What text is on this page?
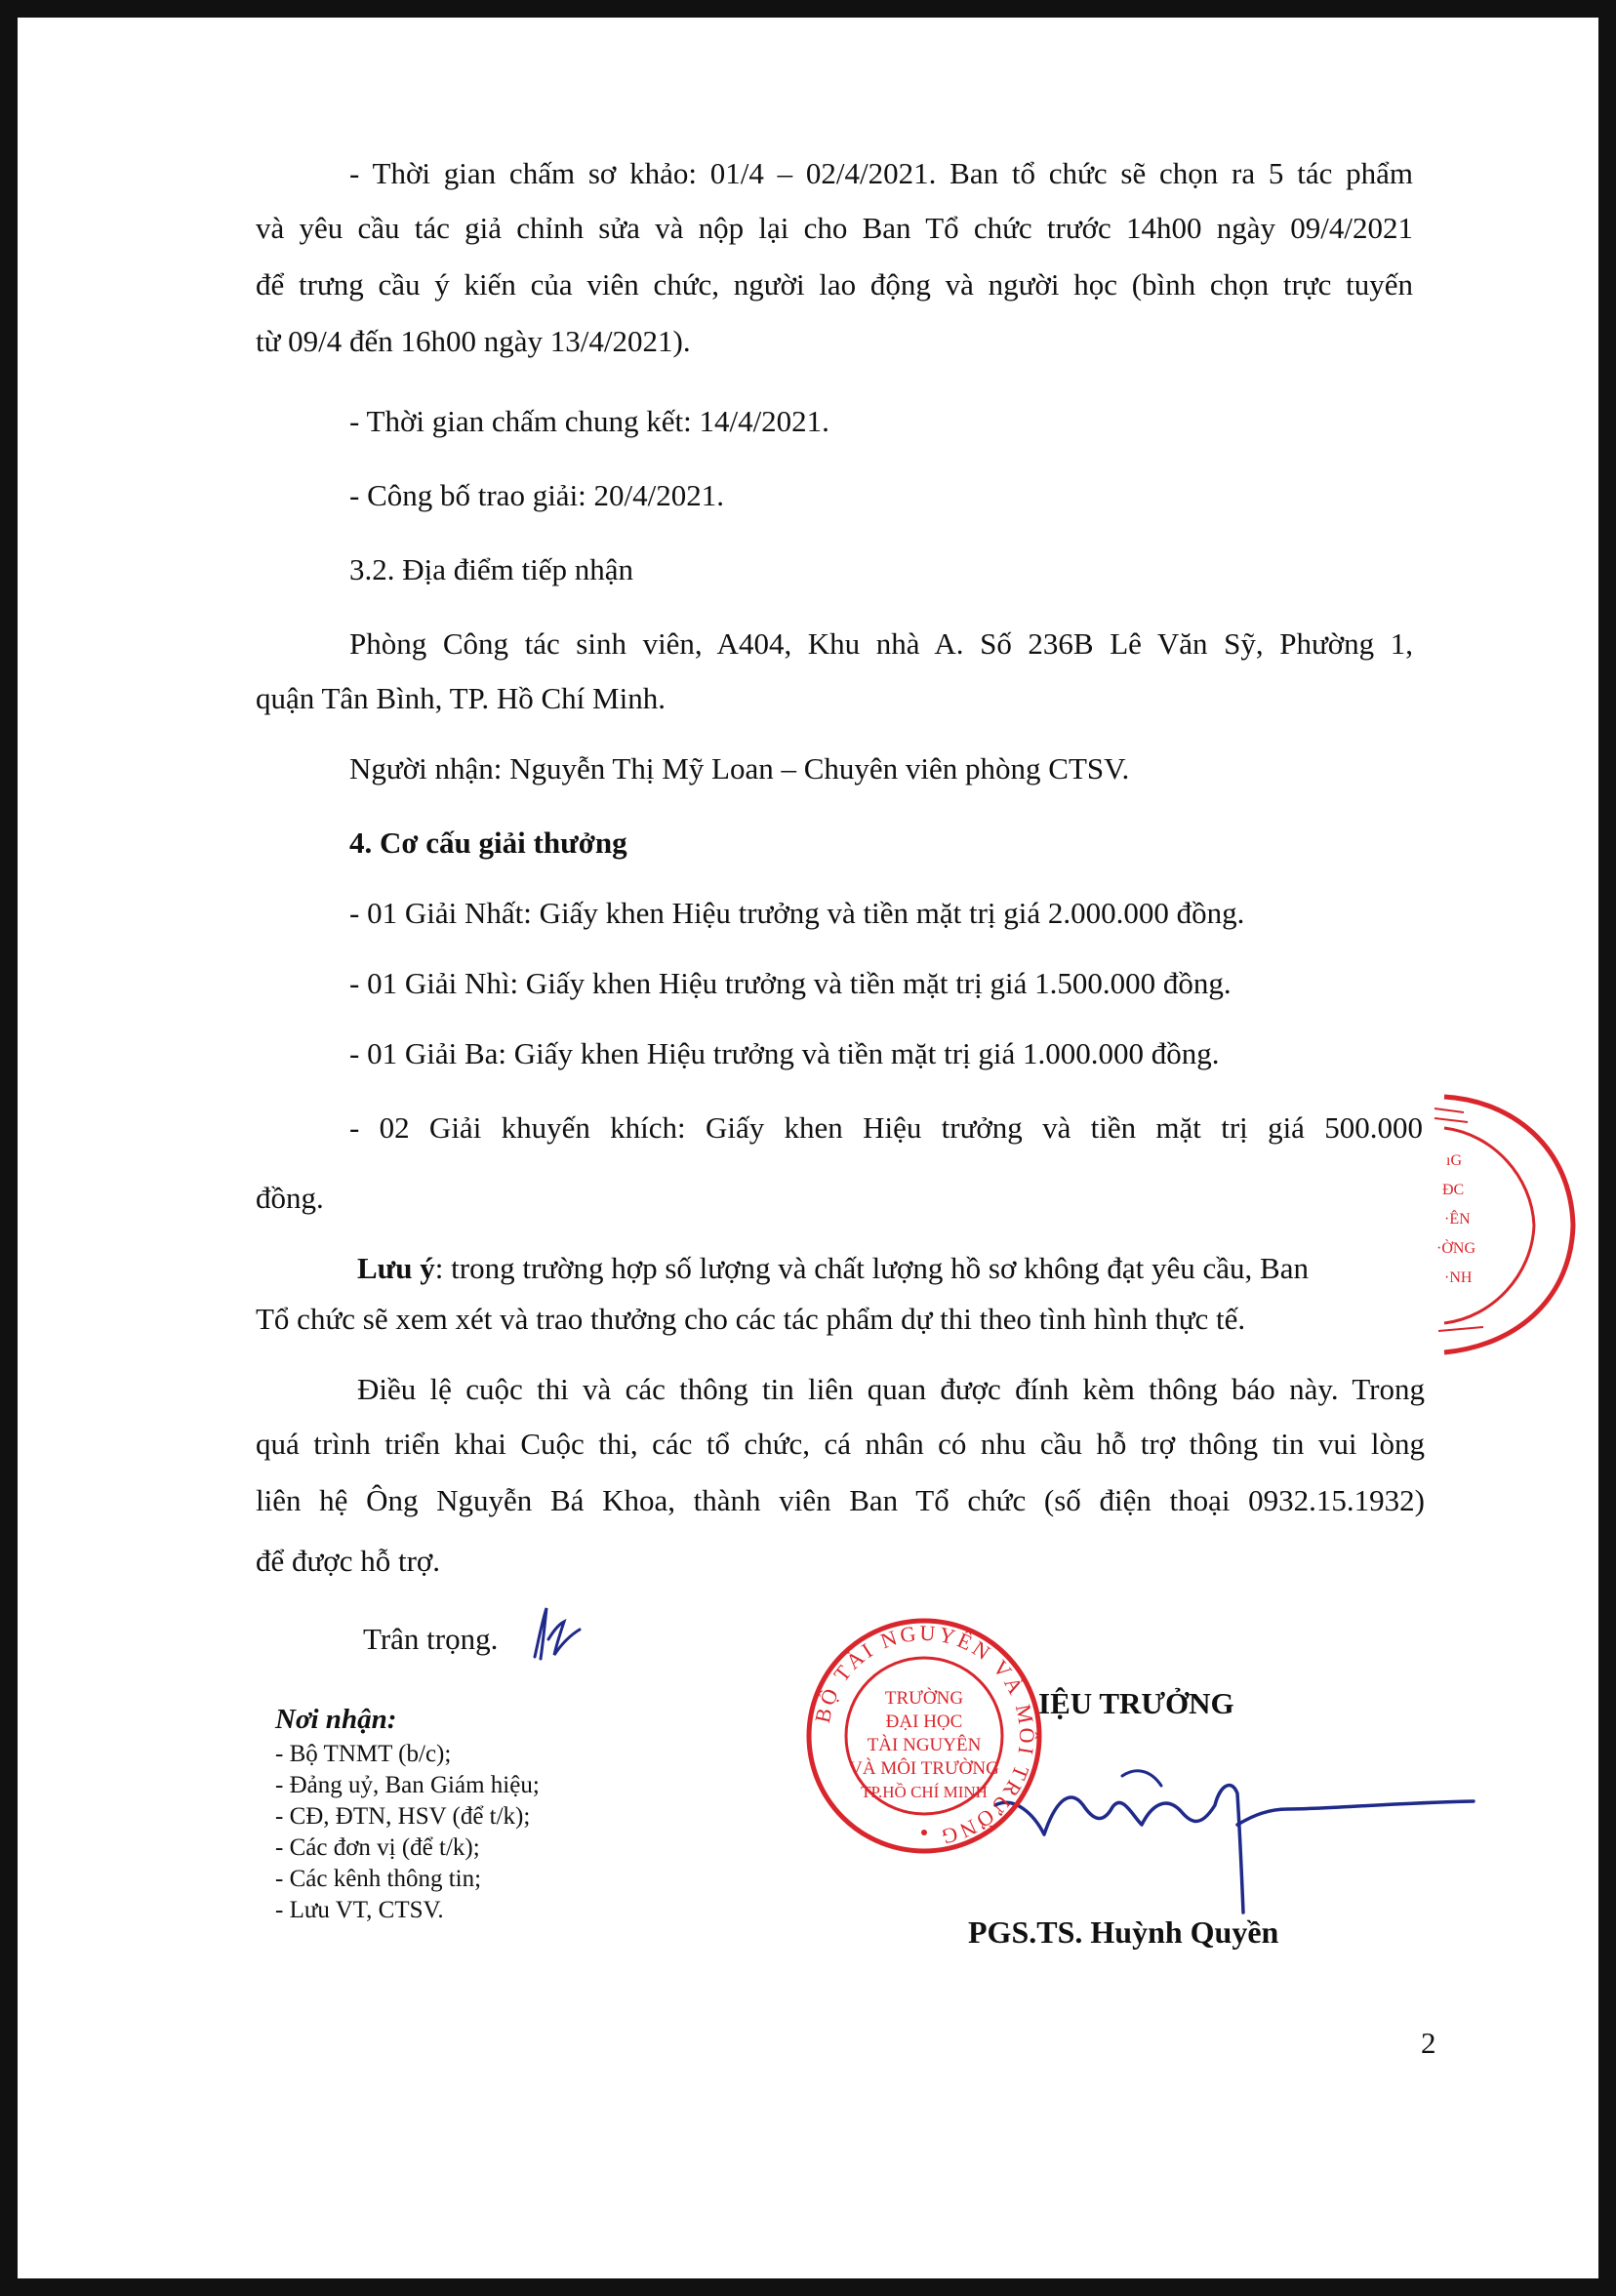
- Thời gian chấm sơ khảo: 01/4 – 02/4/2021. Ban tổ chức sẽ chọn ra 5 tác phẩm
và yêu cầu tác giả chỉnh sửa và nộp lại cho Ban Tổ chức trước 14h00 ngày 09/4/2021
để trưng cầu ý kiến của viên chức, người lao động và người học (bình chọn trực tuyến
từ 09/4 đến 16h00 ngày 13/4/2021).
- Thời gian chấm chung kết: 14/4/2021.
- Công bố trao giải: 20/4/2021.
3.2. Địa điểm tiếp nhận
Phòng Công tác sinh viên, A404, Khu nhà A. Số 236B Lê Văn Sỹ, Phường 1,
quận Tân Bình, TP. Hồ Chí Minh.
Người nhận: Nguyễn Thị Mỹ Loan – Chuyên viên phòng CTSV.
4. Cơ cấu giải thưởng
- 01 Giải Nhất: Giấy khen Hiệu trưởng và tiền mặt trị giá 2.000.000 đồng.
- 01 Giải Nhì: Giấy khen Hiệu trưởng và tiền mặt trị giá 1.500.000 đồng.
- 01 Giải Ba: Giấy khen Hiệu trưởng và tiền mặt trị giá 1.000.000 đồng.
- 02 Giải khuyến khích: Giấy khen Hiệu trưởng và tiền mặt trị giá 500.000
đồng.
Lưu ý: trong trường hợp số lượng và chất lượng hồ sơ không đạt yêu cầu, Ban
Tổ chức sẽ xem xét và trao thưởng cho các tác phẩm dự thi theo tình hình thực tế.
Điều lệ cuộc thi và các thông tin liên quan được đính kèm thông báo này. Trong
quá trình triển khai Cuộc thi, các tổ chức, cá nhân có nhu cầu hỗ trợ thông tin vui lòng
liên hệ Ông Nguyễn Bá Khoa, thành viên Ban Tổ chức (số điện thoại 0932.15.1932)
để được hỗ trợ.
Trân trọng.
Nơi nhận:
- Bộ TNMT (b/c);
- Đảng uỷ, Ban Giám hiệu;
- CĐ, ĐTN, HSV (để t/k);
- Các đơn vị (để t/k);
- Các kênh thông tin;
- Lưu VT, CTSV.
IỆU TRƯỞNG
PGS.TS. Huỳnh Quyền
BỘ TÀI NGUYÊN VÀ MÔI TRƯỜNG
TRƯỜNG
ĐẠI HỌC
TÀI NGUYÊN
VÀ MÔI TRƯỜNG
TP.HỒ CHÍ MINH
ıG
ÐC
·ÊN
·ỜNG
·NH
2
